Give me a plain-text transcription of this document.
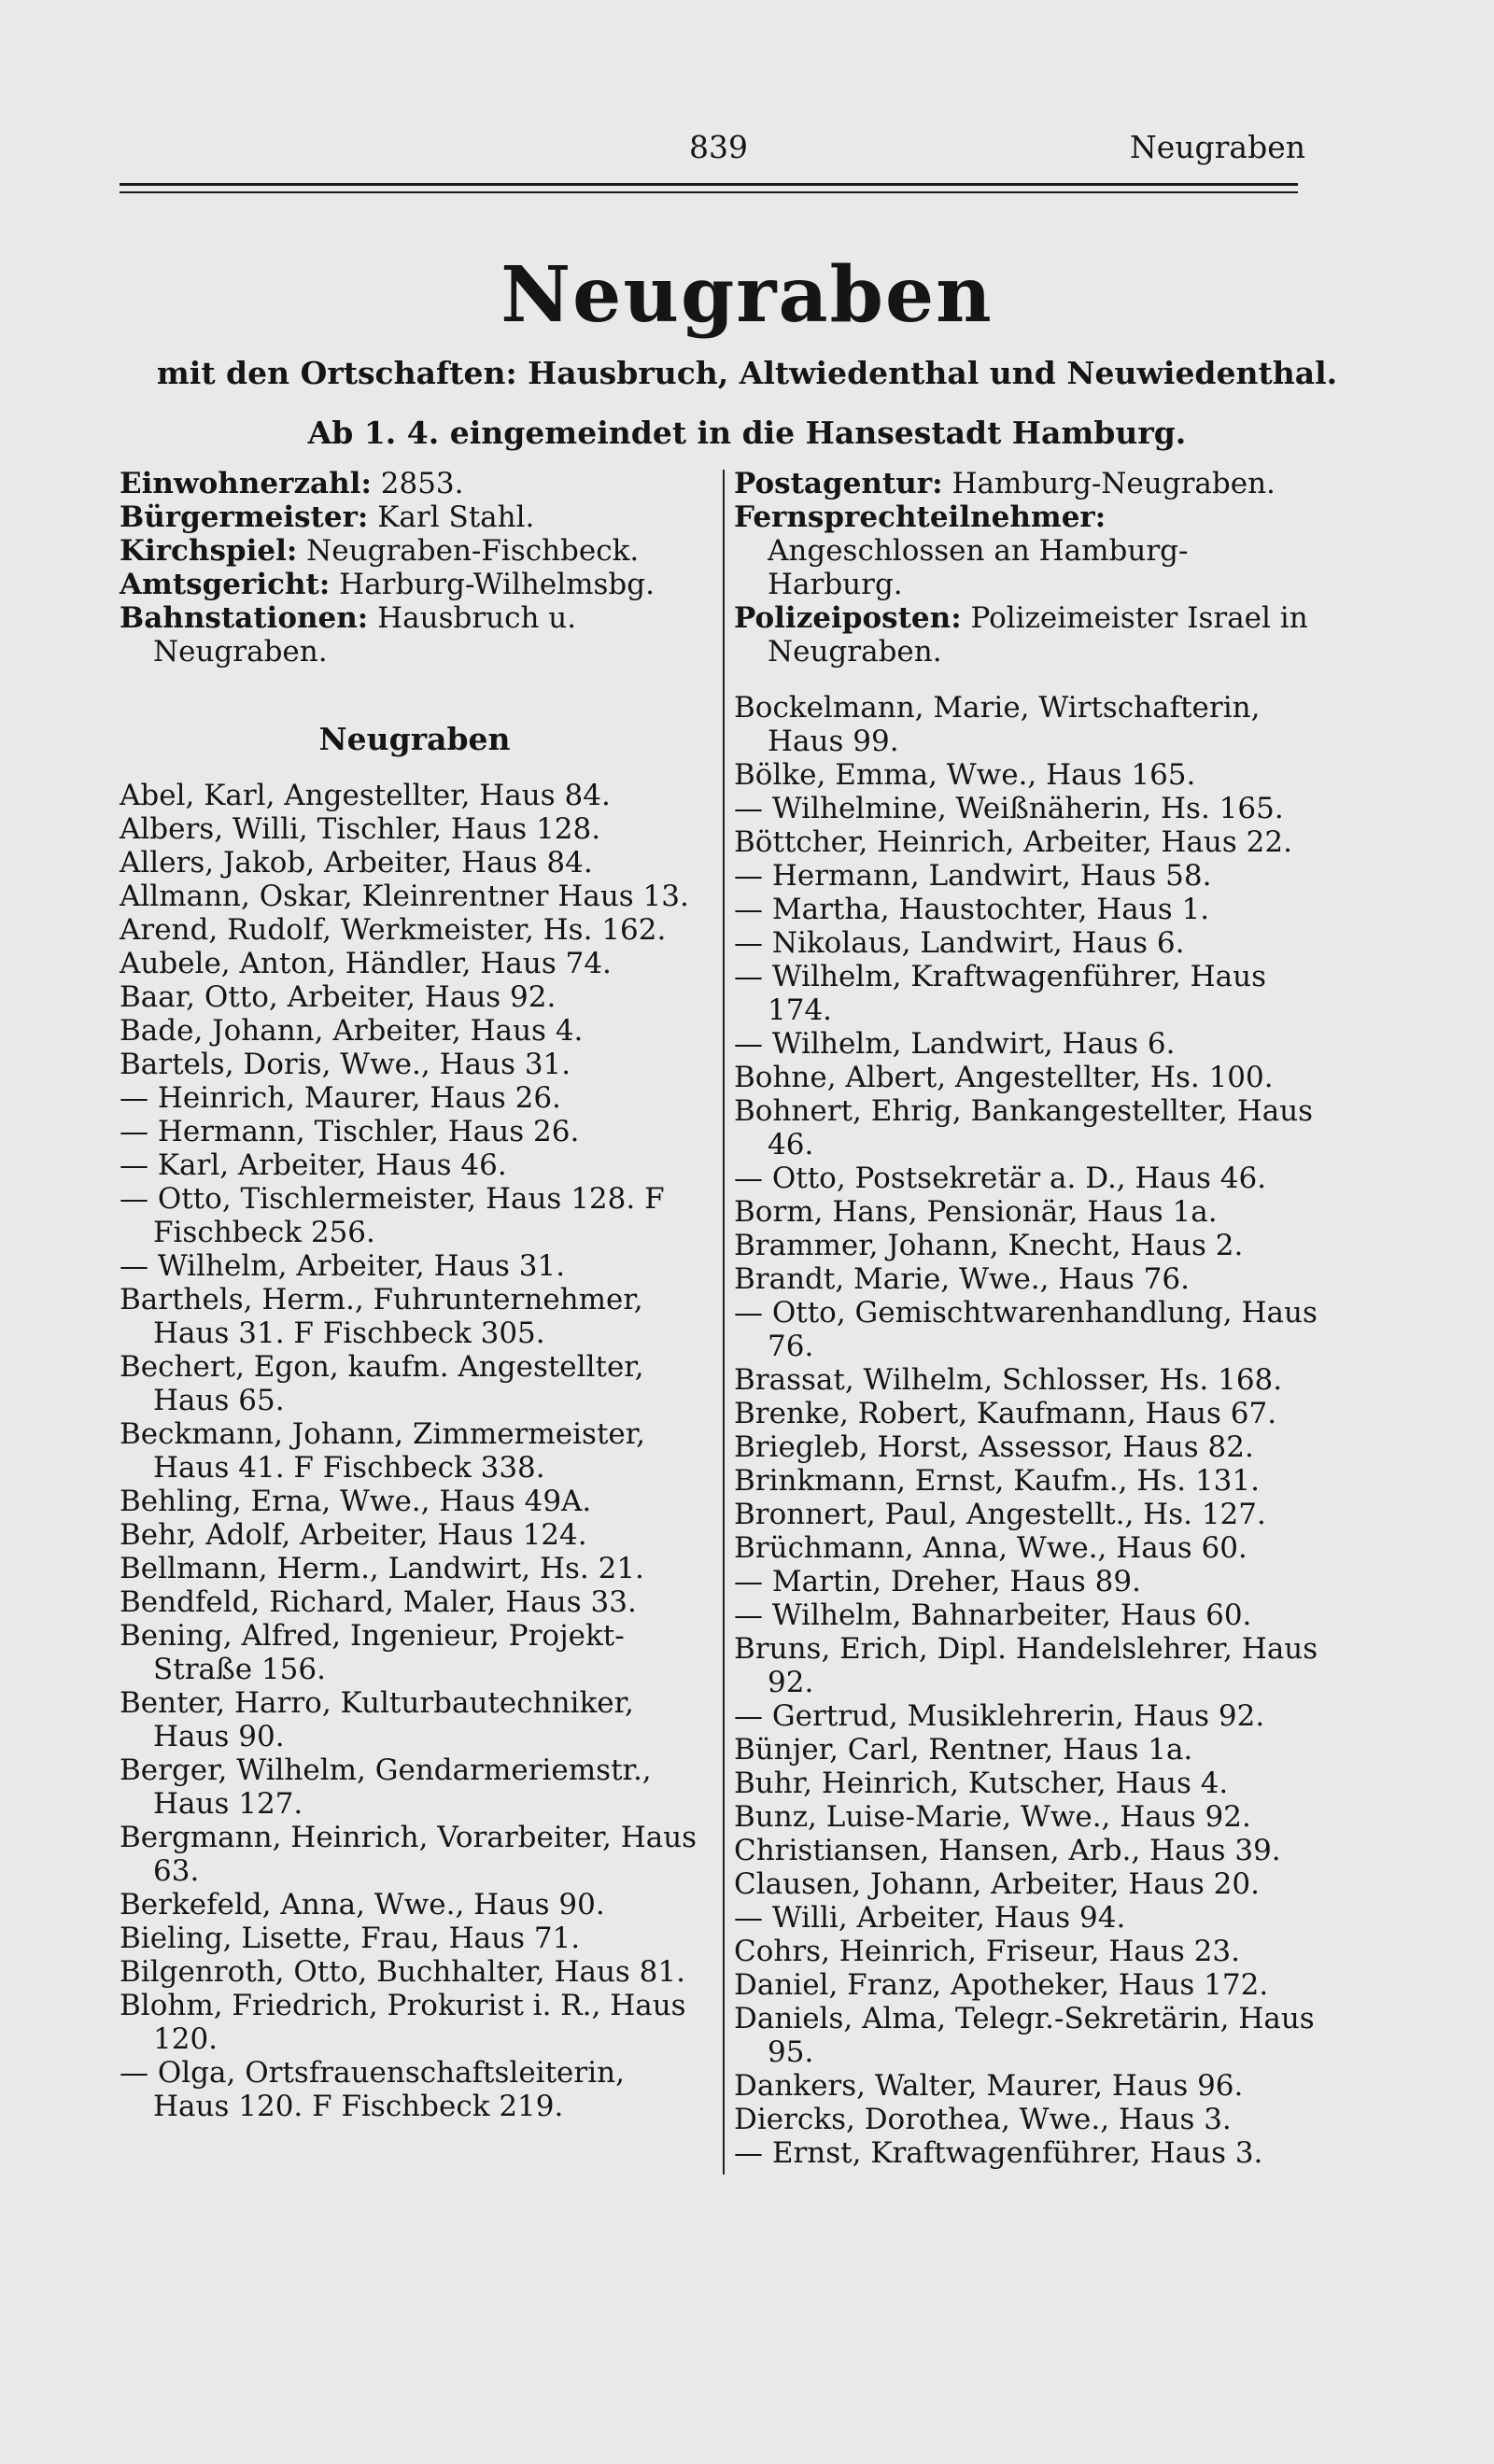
839	Neugraben
Neugraben
mit den Ortschaften: Hausbruch, Altwiedenthal und Neuwiedenthal.
Ab 1. 4. eingemeindet in die Hansestadt Hamburg.
Einwohnerzahl: 2853.
Bürgermeister: Karl Stahl.
Kirchspiel: Neugraben-Fischbeck.
Amtsgericht: Harburg-Wilhelmsbg.
Bahnstationen: Hausbruch u. Neugraben.
Neugraben
Abel, Karl, Angestellter, Haus 84.
Albers, Willi, Tischler, Haus 128.
Allers, Jakob, Arbeiter, Haus 84.
Allmann, Oskar, Kleinrentner Haus 13.
Arend, Rudolf, Werkmeister, Hs. 162.
Aubele, Anton, Händler, Haus 74.
Baar, Otto, Arbeiter, Haus 92.
Bade, Johann, Arbeiter, Haus 4.
Bartels, Doris, Wwe., Haus 31.
— Heinrich, Maurer, Haus 26.
— Hermann, Tischler, Haus 26.
— Karl, Arbeiter, Haus 46.
— Otto, Tischlermeister, Haus 128. F Fischbeck 256.
— Wilhelm, Arbeiter, Haus 31.
Barthels, Herm., Fuhrunternehmer, Haus 31. F Fischbeck 305.
Bechert, Egon, kaufm. Angestellter, Haus 65.
Beckmann, Johann, Zimmermeister, Haus 41. F Fischbeck 338.
Behling, Erna, Wwe., Haus 49A.
Behr, Adolf, Arbeiter, Haus 124.
Bellmann, Herm., Landwirt, Hs. 21.
Bendfeld, Richard, Maler, Haus 33.
Bening, Alfred, Ingenieur, Projekt-Straße 156.
Benter, Harro, Kulturbautechniker, Haus 90.
Berger, Wilhelm, Gendarmeriemstr., Haus 127.
Bergmann, Heinrich, Vorarbeiter, Haus 63.
Berkefeld, Anna, Wwe., Haus 90.
Bieling, Lisette, Frau, Haus 71.
Bilgenroth, Otto, Buchhalter, Haus 81.
Blohm, Friedrich, Prokurist i. R., Haus 120.
— Olga, Ortsfrauenschaftsleiterin, Haus 120. F Fischbeck 219.
Postagentur: Hamburg-Neugraben.
Fernsprechteilnehmer: Angeschlossen an Hamburg-Harburg.
Polizeiposten: Polizeimeister Israel in Neugraben.
Bockelmann, Marie, Wirtschafterin, Haus 99.
Bölke, Emma, Wwe., Haus 165.
— Wilhelmine, Weißnäherin, Hs. 165.
Böttcher, Heinrich, Arbeiter, Haus 22.
— Hermann, Landwirt, Haus 58.
— Martha, Haustochter, Haus 1.
— Nikolaus, Landwirt, Haus 6.
— Wilhelm, Kraftwagenführer, Haus 174.
— Wilhelm, Landwirt, Haus 6.
Bohne, Albert, Angestellter, Hs. 100.
Bohnert, Ehrig, Bankangestellter, Haus 46.
— Otto, Postsekretär a. D., Haus 46.
Borm, Hans, Pensionär, Haus 1a.
Brammer, Johann, Knecht, Haus 2.
Brandt, Marie, Wwe., Haus 76.
— Otto, Gemischtwarenhandlung, Haus 76.
Brassat, Wilhelm, Schlosser, Hs. 168.
Brenke, Robert, Kaufmann, Haus 67.
Briegleb, Horst, Assessor, Haus 82.
Brinkmann, Ernst, Kaufm., Hs. 131.
Bronnert, Paul, Angestellt., Hs. 127.
Brüchmann, Anna, Wwe., Haus 60.
— Martin, Dreher, Haus 89.
— Wilhelm, Bahnarbeiter, Haus 60.
Bruns, Erich, Dipl. Handelslehrer, Haus 92.
— Gertrud, Musiklehrerin, Haus 92.
Bünjer, Carl, Rentner, Haus 1a.
Buhr, Heinrich, Kutscher, Haus 4.
Bunz, Luise-Marie, Wwe., Haus 92.
Christiansen, Hansen, Arb., Haus 39.
Clausen, Johann, Arbeiter, Haus 20.
— Willi, Arbeiter, Haus 94.
Cohrs, Heinrich, Friseur, Haus 23.
Daniel, Franz, Apotheker, Haus 172.
Daniels, Alma, Telegr.-Sekretärin, Haus 95.
Dankers, Walter, Maurer, Haus 96.
Diercks, Dorothea, Wwe., Haus 3.
— Ernst, Kraftwagenführer, Haus 3.
